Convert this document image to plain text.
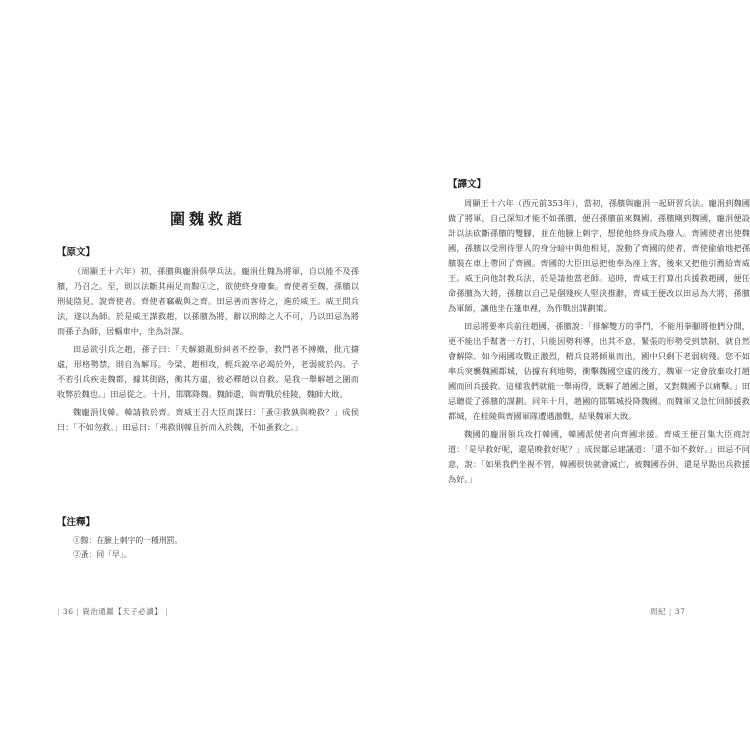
圍魏救趙
【原文】

（周顯王十六年）初，孫臏與龐涓俱學兵法。龐涓仕魏為將軍，自以能不及孫臏，乃召之。至，則以法斷其兩足而黥①之，欲使終身廢棄。齊使者至魏，孫臏以刑徒陰見，說齊使者。齊使者竊載與之齊。田忌善而客待之，進於威王。威王問兵法，遂以為師。於是威王謀救趙，以孫臏為將，辭以刑餘之人不可，乃以田忌為將而孫子為師，居輜車中，坐為計謀。

田忌欲引兵之趙，孫子曰：「夫解雜亂紛糾者不控拳，救鬥者不搏撠，批亢擣虛，形格勢禁，則自為解耳。今梁、趙相攻，輕兵銳卒必竭於外，老弱疲於內。子不若引兵疾走魏都，據其街路，衝其方虛，彼必釋趙以自救。是我一舉解趙之圍而收弊於魏也。」田忌從之。十月，邯鄲降魏。魏師還，與齊戰於桂陵，魏師大敗。

魏龐涓伐韓。韓請救於齊。齊威王召大臣而謀曰：「蚤②救孰與晚救？」成侯曰：「不如勿救。」田忌曰：「弗救則韓且折而入於魏，不如蚤救之。」

【注釋】

①黥：在臉上刺字的一種刑罰。

②蚤：同「早」。

【譯文】

周顯王十六年（西元前353年），當初，孫臏與龐涓一起研習兵法。龐涓到魏國做了將軍，自己深知才能不如孫臏，便召孫臏前來魏國。孫臏剛到魏國，龐涓便設計以法砍斷孫臏的雙腳，並在他臉上刺字，想使他終身成為廢人。齊國使者出使魏國，孫臏以受刑待罪人的身分暗中與他相見，說動了齊國的使者，齊使偷偷地把孫臏裝在車上帶回了齊國。齊國的大臣田忌把他奉為座上客，後來又把他引薦給齊威王。威王向他討教兵法，於是請他當老師。這時，齊威王打算出兵援救趙國，便任命孫臏為大將，孫臏以自己是個殘疾人堅決推辭，齊威王便改以田忌為大將，孫臏為軍師，讓他坐在篷車裡，為作戰出謀劃策。

田忌將要率兵前往趙國，孫臏說：「排解雙方的爭鬥，不能用拳腳將他們分開，更不能出手幫著一方打，只能因勢利導，出其不意，緊張的形勢受到禁制，就自然會解除。如今兩國攻戰正激烈，精兵良將傾巢而出，國中只剩下老弱病殘。您不如率兵突襲魏國都城，佔據有利地勢，衝擊魏國空虛的後方，魏軍一定會放棄攻打趙國而回兵援救。這樣我們就能一舉兩得，既解了趙國之圍，又對魏國予以痛擊。」田忌聽從了孫臏的謀劃。同年十月，趙國的邯鄲城投降魏國。而魏軍又急忙回師援救都城，在桂陵與齊國軍隊遭遇激戰，結果魏軍大敗。

魏國的龐涓領兵攻打韓國，韓國派使者向齊國求援。齊威王便召集大臣商討道：「是早救好呢，還是晚救好呢？」成侯鄒忌建議道：「還不如不救好。」田忌不同意，說：「如果我們坐視不管，韓國很快就會滅亡，被魏國吞併，還是早點出兵救援為好。」

| 36 | 資治通鑑【天子必讀】 |	周紀 | 37
